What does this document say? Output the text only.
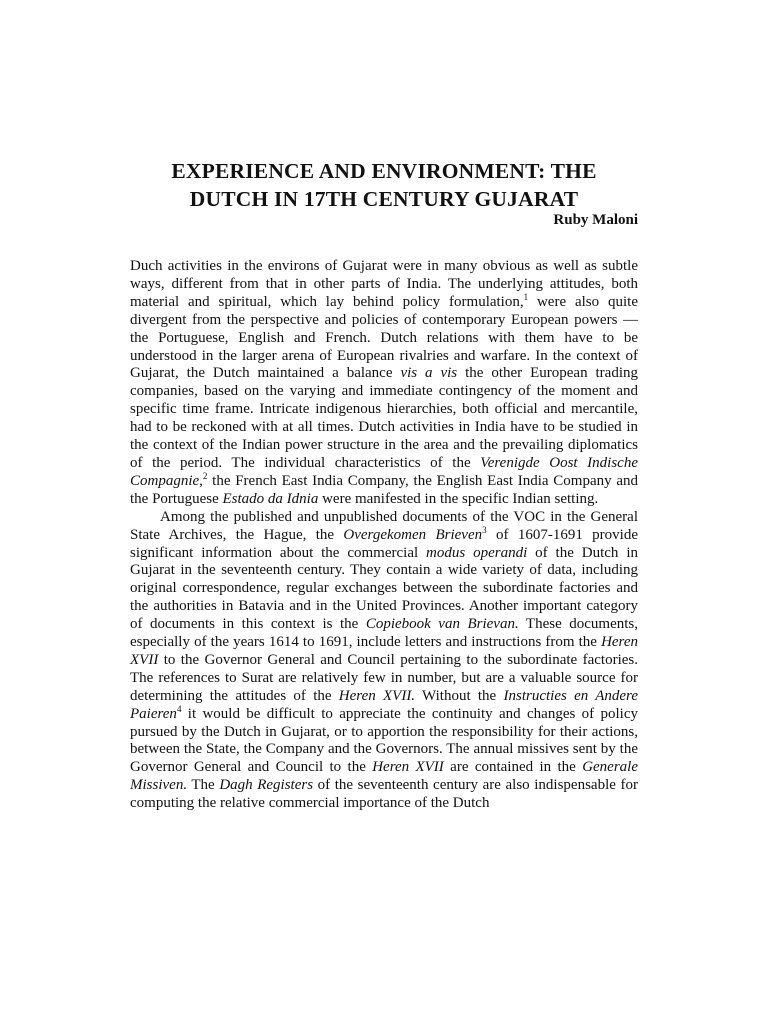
EXPERIENCE AND ENVIRONMENT: THE
DUTCH IN 17TH CENTURY GUJARAT

Ruby Maloni

Duch activities in the environs of Gujarat were in many obvious as well as subtle ways, different from that in other parts of India. The underlying attitudes, both material and spiritual, which lay behind policy formulation,$^1$ were also quite divergent from the perspective and policies of contemporary European powers — the Portuguese, English and French. Dutch relations with them have to be understood in the larger arena of European rivalries and warfare. In the context of Gujarat, the Dutch maintained a balance vis a vis the other European trading companies, based on the varying and immediate contingency of the moment and specific time frame. Intricate indigenous hierarchies, both official and mercantile, had to be reckoned with at all times. Dutch activities in India have to be studied in the context of the Indian power structure in the area and the prevailing diplomatics of the period. The individual characteristics of the Verenigde Oost Indische Compagnie,$^2$ the French East India Company, the English East India Company and the Portuguese Estado da Idnia were manifested in the specific Indian setting.

Among the published and unpublished documents of the VOC in the General State Archives, the Hague, the Overgekomen Brieven$^3$ of 1607-1691 provide significant information about the commercial modus operandi of the Dutch in Gujarat in the seventeenth century. They contain a wide variety of data, including original correspondence, regular exchanges between the subordinate factories and the authorities in Batavia and in the United Provinces. Another important category of documents in this context is the Copiebook van Brievan. These documents, especially of the years 1614 to 1691, include letters and instructions from the Heren XVII to the Governor General and Council pertaining to the subordinate factories. The references to Surat are relatively few in number, but are a valuable source for determining the attitudes of the Heren XVII. Without the Instructies en Andere Paieren$^4$ it would be difficult to appreciate the continuity and changes of policy pursued by the Dutch in Gujarat, or to apportion the responsibility for their actions, between the State, the Company and the Governors. The annual missives sent by the Governor General and Council to the Heren XVII are contained in the Generale Missiven. The Dagh Registers of the seventeenth century are also indispensable for computing the relative commercial importance of the Dutch
